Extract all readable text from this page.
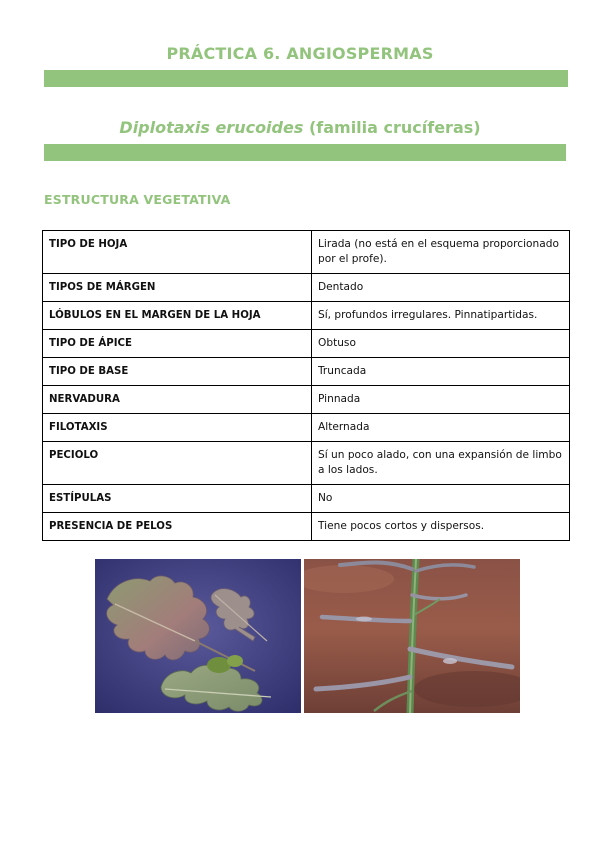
PRÁCTICA 6. ANGIOSPERMAS
Diplotaxis erucoides (familia crucíferas)
ESTRUCTURA VEGETATIVA
TIPO DE HOJA	Lirada (no está en el esquema proporcionado por el profe).
TIPOS DE MÁRGEN	Dentado
LÓBULOS EN EL MARGEN DE LA HOJA	Sí, profundos irregulares. Pinnatipartidas.
TIPO DE ÁPICE	Obtuso
TIPO DE BASE	Truncada
NERVADURA	Pinnada
FILOTAXIS	Alternada
PECIOLO	Sí un poco alado, con una expansión de limbo a los lados.
ESTÍPULAS	No
PRESENCIA DE PELOS	Tiene pocos cortos y dispersos.
